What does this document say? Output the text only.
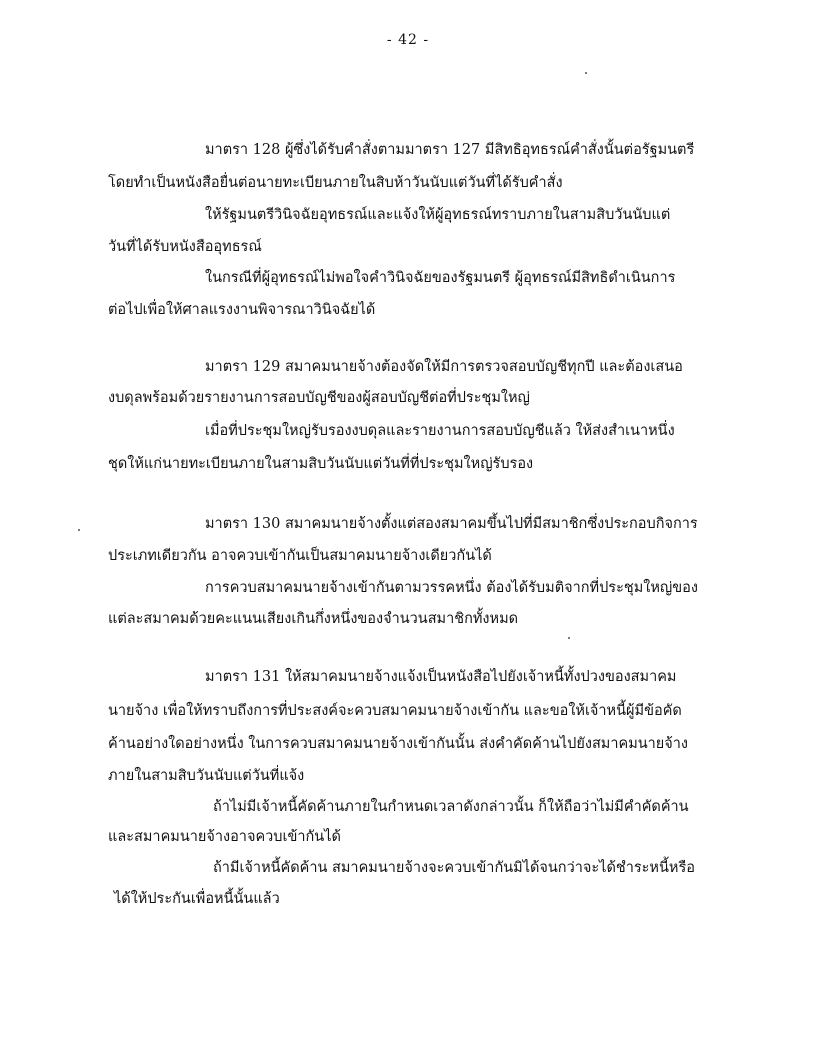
- 42 -
มาตรา 128 ผู้ซึ่งได้รับคำสั่งตามมาตรา 127 มีสิทธิอุทธรณ์คำสั่งนั้นต่อรัฐมนตรี
โดยทำเป็นหนังสือยื่นต่อนายทะเบียนภายในสิบห้าวันนับแต่วันที่ได้รับคำสั่ง
ให้รัฐมนตรีวินิจฉัยอุทธรณ์และแจ้งให้ผู้อุทธรณ์ทราบภายในสามสิบวันนับแต่
วันที่ได้รับหนังสืออุทธรณ์
ในกรณีที่ผู้อุทธรณ์ไม่พอใจคำวินิจฉัยของรัฐมนตรี ผู้อุทธรณ์มีสิทธิดำเนินการ
ต่อไปเพื่อให้ศาลแรงงานพิจารณาวินิจฉัยได้
มาตรา 129 สมาคมนายจ้างต้องจัดให้มีการตรวจสอบบัญชีทุกปี และต้องเสนอ
งบดุลพร้อมด้วยรายงานการสอบบัญชีของผู้สอบบัญชีต่อที่ประชุมใหญ่
เมื่อที่ประชุมใหญ่รับรองงบดุลและรายงานการสอบบัญชีแล้ว ให้ส่งสำเนาหนึ่ง
ชุดให้แก่นายทะเบียนภายในสามสิบวันนับแต่วันที่ที่ประชุมใหญ่รับรอง
มาตรา 130 สมาคมนายจ้างตั้งแต่สองสมาคมขึ้นไปที่มีสมาชิกซึ่งประกอบกิจการ
ประเภทเดียวกัน อาจควบเข้ากันเป็นสมาคมนายจ้างเดียวกันได้
การควบสมาคมนายจ้างเข้ากันตามวรรคหนึ่ง ต้องได้รับมติจากที่ประชุมใหญ่ของ
แต่ละสมาคมด้วยคะแนนเสียงเกินกึ่งหนึ่งของจำนวนสมาชิกทั้งหมด
มาตรา 131 ให้สมาคมนายจ้างแจ้งเป็นหนังสือไปยังเจ้าหนี้ทั้งปวงของสมาคม
นายจ้าง เพื่อให้ทราบถึงการที่ประสงค์จะควบสมาคมนายจ้างเข้ากัน และขอให้เจ้าหนี้ผู้มีข้อคัด
ค้านอย่างใดอย่างหนึ่ง ในการควบสมาคมนายจ้างเข้ากันนั้น ส่งคำคัดค้านไปยังสมาคมนายจ้าง
ภายในสามสิบวันนับแต่วันที่แจ้ง
ถ้าไม่มีเจ้าหนี้คัดค้านภายในกำหนดเวลาดังกล่าวนั้น ก็ให้ถือว่าไม่มีคำคัดค้าน
และสมาคมนายจ้างอาจควบเข้ากันได้
ถ้ามีเจ้าหนี้คัดค้าน สมาคมนายจ้างจะควบเข้ากันมิได้จนกว่าจะได้ชำระหนี้หรือ
ได้ให้ประกันเพื่อหนี้นั้นแล้ว
